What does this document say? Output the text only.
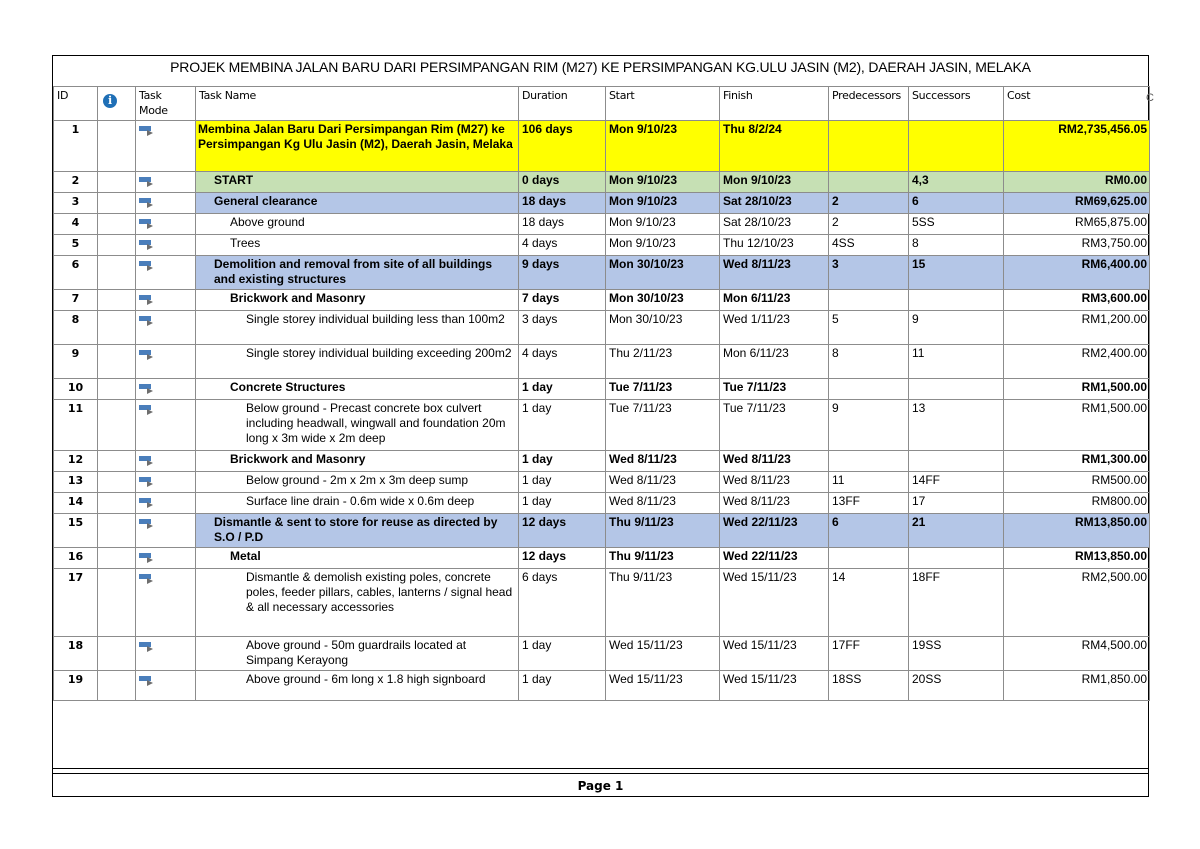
PROJEK MEMBINA JALAN BARU DARI PERSIMPANGAN RIM (M27) KE PERSIMPANGAN KG.ULU JASIN (M2), DAERAH JASIN, MELAKA
C
ID	i	Task Mode	Task Name	Duration	Start	Finish	Predecessors	Successors	Cost
1			Membina Jalan Baru Dari Persimpangan Rim (M27) ke Persimpangan Kg Ulu Jasin (M2), Daerah Jasin, Melaka	106 days	Mon 9/10/23	Thu 8/2/24			RM2,735,456.05
2			START	0 days	Mon 9/10/23	Mon 9/10/23		4,3	RM0.00
3			General clearance	18 days	Mon 9/10/23	Sat 28/10/23	2	6	RM69,625.00
4			Above ground	18 days	Mon 9/10/23	Sat 28/10/23	2	5SS	RM65,875.00
5			Trees	4 days	Mon 9/10/23	Thu 12/10/23	4SS	8	RM3,750.00
6			Demolition and removal from site of all buildings and existing structures	9 days	Mon 30/10/23	Wed 8/11/23	3	15	RM6,400.00
7			Brickwork and Masonry	7 days	Mon 30/10/23	Mon 6/11/23			RM3,600.00
8			Single storey individual building less than 100m2	3 days	Mon 30/10/23	Wed 1/11/23	5	9	RM1,200.00
9			Single storey individual building exceeding 200m2	4 days	Thu 2/11/23	Mon 6/11/23	8	11	RM2,400.00
10			Concrete Structures	1 day	Tue 7/11/23	Tue 7/11/23			RM1,500.00
11			Below ground - Precast concrete box culvert including headwall, wingwall and foundation 20m long x 3m wide x 2m deep	1 day	Tue 7/11/23	Tue 7/11/23	9	13	RM1,500.00
12			Brickwork and Masonry	1 day	Wed 8/11/23	Wed 8/11/23			RM1,300.00
13			Below ground - 2m x 2m x 3m deep sump	1 day	Wed 8/11/23	Wed 8/11/23	11	14FF	RM500.00
14			Surface line drain - 0.6m wide x 0.6m deep	1 day	Wed 8/11/23	Wed 8/11/23	13FF	17	RM800.00
15			Dismantle & sent to store for reuse as directed by S.O / P.D	12 days	Thu 9/11/23	Wed 22/11/23	6	21	RM13,850.00
16			Metal	12 days	Thu 9/11/23	Wed 22/11/23			RM13,850.00
17			Dismantle & demolish existing poles, concrete poles, feeder pillars, cables, lanterns / signal head & all necessary accessories	6 days	Thu 9/11/23	Wed 15/11/23	14	18FF	RM2,500.00
18			Above ground - 50m guardrails located at Simpang Kerayong	1 day	Wed 15/11/23	Wed 15/11/23	17FF	19SS	RM4,500.00
19			Above ground - 6m long x 1.8 high signboard	1 day	Wed 15/11/23	Wed 15/11/23	18SS	20SS	RM1,850.00
Page 1
